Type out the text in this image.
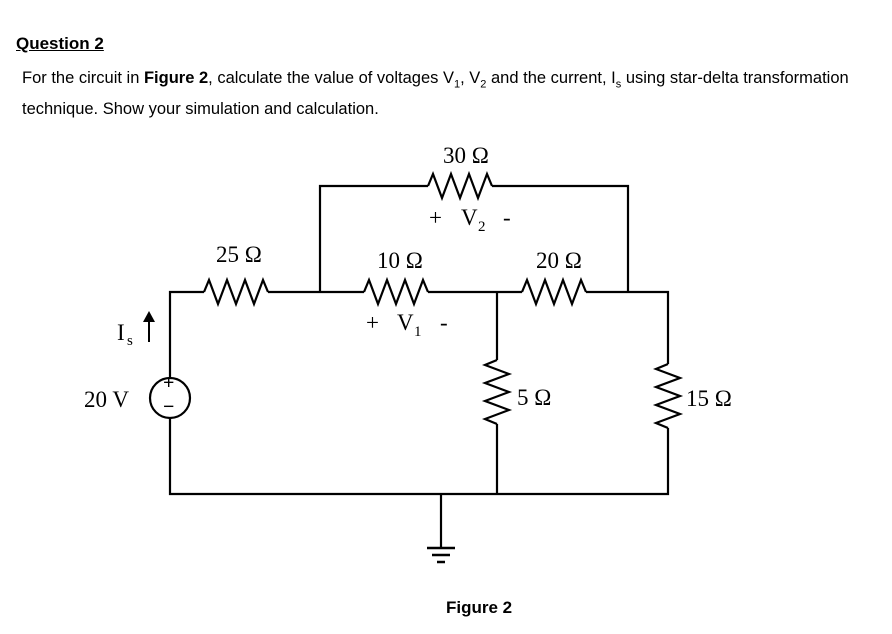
Question 2
For the circuit in Figure 2, calculate the value of voltages $V_1$, $V_2$ and the current, $I_s$ using star-delta transformation technique. Show your simulation and calculation.
+
−
20 V
I s
30 Ω
25 Ω	10 Ω	20 Ω
5 Ω	15 Ω
+ V 2 -
+ V 1 -
Figure 2
